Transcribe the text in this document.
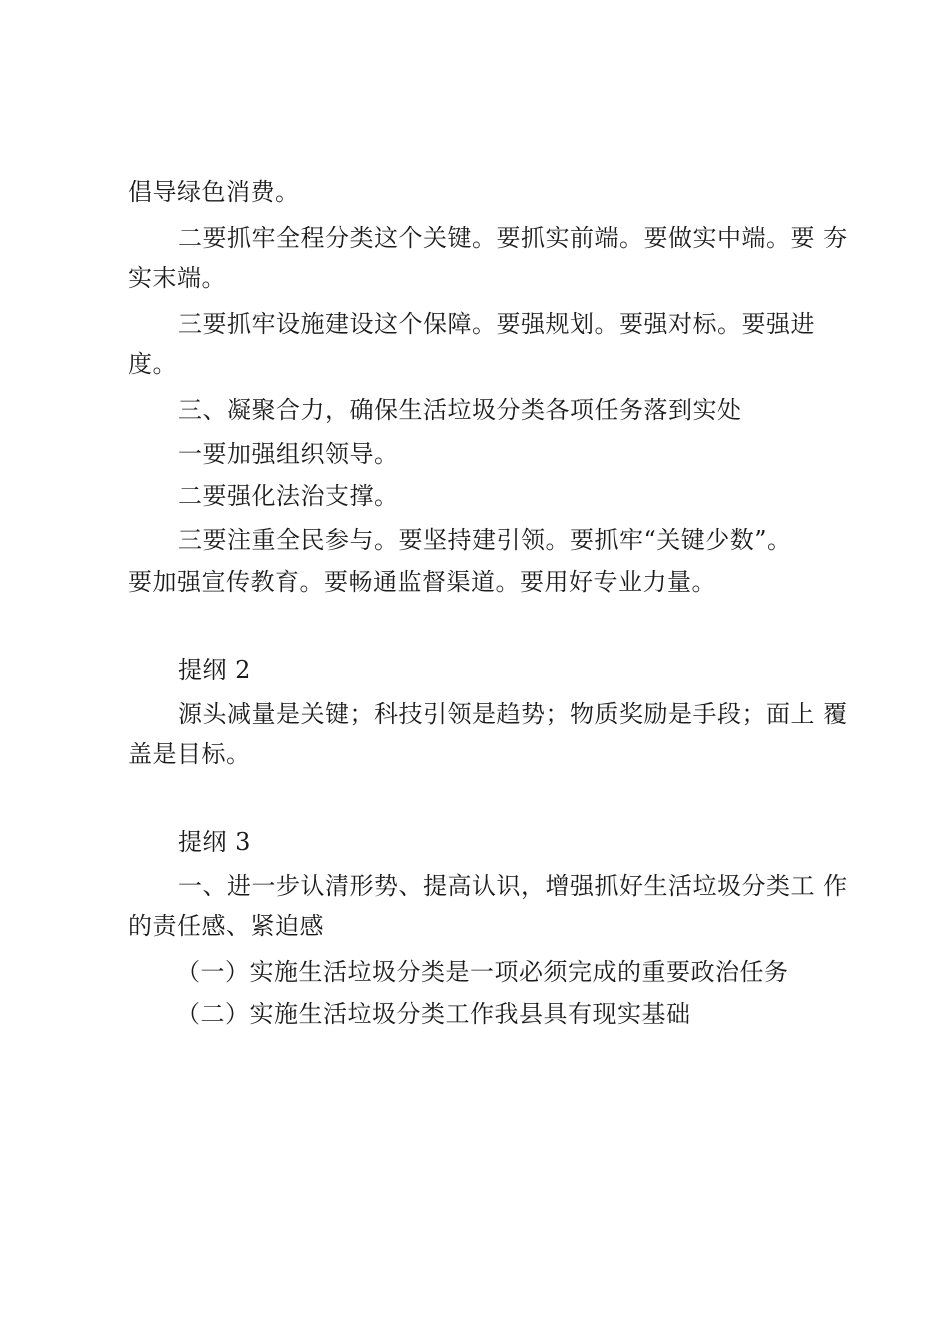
倡导绿色消费。
二要抓牢全程分类这个关键。要抓实前端。要做实中端。要 夯
实末端。
三要抓牢设施建设这个保障。要强规划。要强对标。要强进
度。
三、凝聚合力，确保生活垃圾分类各项任务落到实处
一要加强组织领导。
二要强化法治支撑。
三要注重全民参与。要坚持建引领。要抓牢“关键少数”。
要加强宣传教育。要畅通监督渠道。要用好专业力量。
提纲 2
源头减量是关键；科技引领是趋势；物质奖励是手段；面上 覆
盖是目标。
提纲 3
一、进一步认清形势、提高认识，增强抓好生活垃圾分类工 作
的责任感、紧迫感
（一）实施生活垃圾分类是一项必须完成的重要政治任务
（二）实施生活垃圾分类工作我县具有现实基础
